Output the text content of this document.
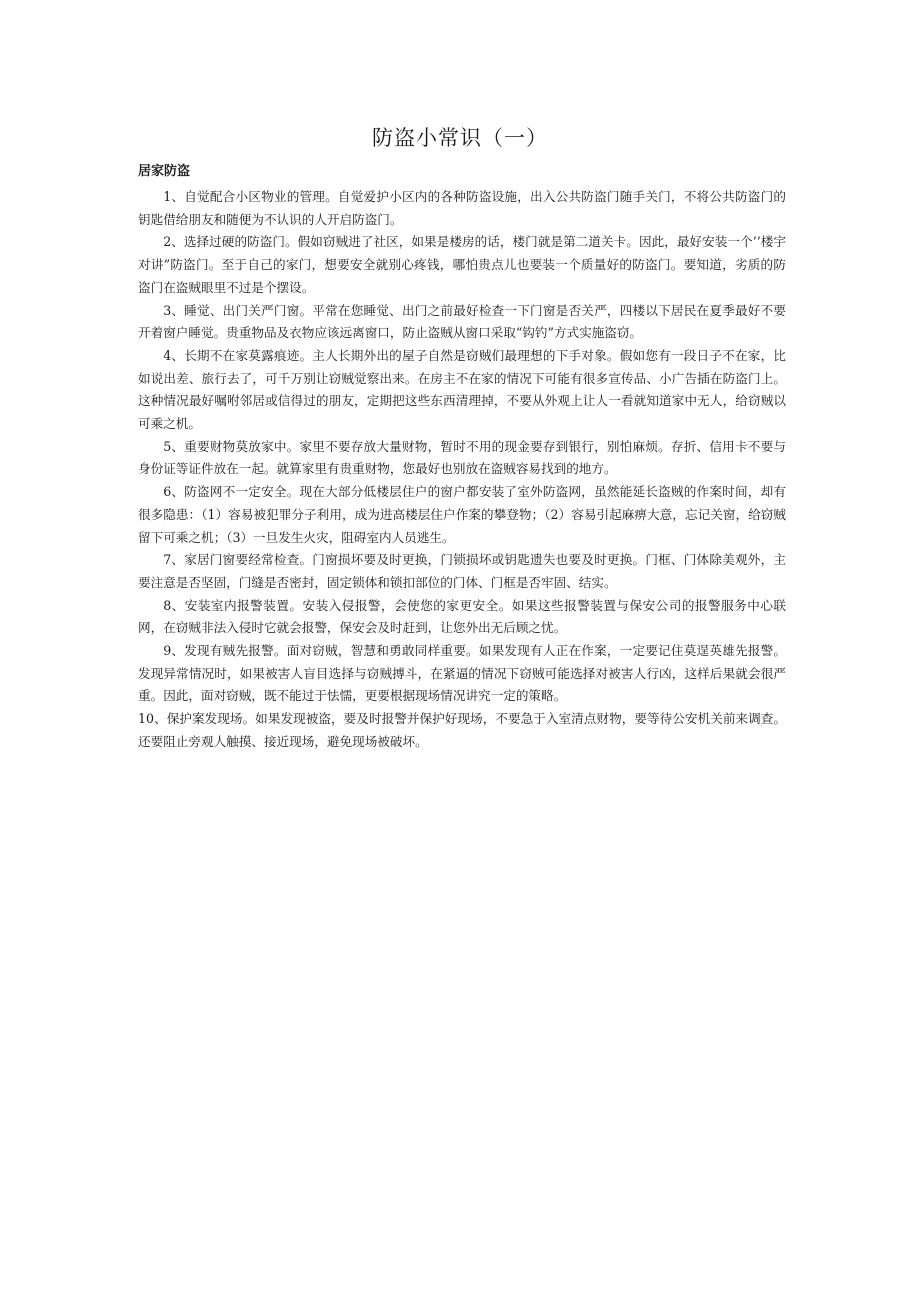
防盗小常识（一）
居家防盗

1、自觉配合小区物业的管理。自觉爱护小区内的各种防盗设施，出入公共防盗门随手关门，不将公共防盗门的钥匙借给朋友和随便为不认识的人开启防盗门。

2、选择过硬的防盗门。假如窃贼进了社区，如果是楼房的话，楼门就是第二道关卡。因此，最好安装一个’’楼宇对讲”防盗门。至于自己的家门，想要安全就别心疼钱，哪怕贵点儿也要装一个质量好的防盗门。要知道，劣质的防盗门在盗贼眼里不过是个摆设。

3、睡觉、出门关严门窗。平常在您睡觉、出门之前最好检查一下门窗是否关严，四楼以下居民在夏季最好不要开着窗户睡觉。贵重物品及衣物应该远离窗口，防止盗贼从窗口采取“钩钓”方式实施盗窃。

4、长期不在家莫露痕迹。主人长期外出的屋子自然是窃贼们最理想的下手对象。假如您有一段日子不在家，比如说出差、旅行去了，可千万别让窃贼觉察出来。在房主不在家的情况下可能有很多宣传品、小广告插在防盗门上。这种情况最好嘱咐邻居或信得过的朋友，定期把这些东西清理掉，不要从外观上让人一看就知道家中无人，给窃贼以可乘之机。

5、重要财物莫放家中。家里不要存放大量财物，暂时不用的现金要存到银行，别怕麻烦。存折、信用卡不要与身份证等证件放在一起。就算家里有贵重财物，您最好也别放在盗贼容易找到的地方。

6、防盗网不一定安全。现在大部分低楼层住户的窗户都安装了室外防盗网，虽然能延长盗贼的作案时间，却有很多隐患：（1）容易被犯罪分子利用，成为进高楼层住户作案的攀登物；（2）容易引起麻痹大意，忘记关窗，给窃贼留下可乘之机；（3）一旦发生火灾，阻碍室内人员逃生。

7、家居门窗要经常检查。门窗损坏要及时更换，门锁损坏或钥匙遗失也要及时更换。门框、门体除美观外，主要注意是否坚固，门缝是否密封，固定锁体和锁扣部位的门体、门框是否牢固、结实。

8、安装室内报警装置。安装入侵报警，会使您的家更安全。如果这些报警装置与保安公司的报警服务中心联网，在窃贼非法入侵时它就会报警，保安会及时赶到，让您外出无后顾之忧。

9、发现有贼先报警。面对窃贼，智慧和勇敢同样重要。如果发现有人正在作案，一定要记住莫逞英雄先报警。发现异常情况时，如果被害人盲目选择与窃贼搏斗，在紧逼的情况下窃贼可能选择对被害人行凶，这样后果就会很严重。因此，面对窃贼，既不能过于怯懦，更要根据现场情况讲究一定的策略。

10、保护案发现场。如果发现被盗，要及时报警并保护好现场，不要急于入室清点财物，要等待公安机关前来调查。还要阻止旁观人触摸、接近现场，避免现场被破坏。
